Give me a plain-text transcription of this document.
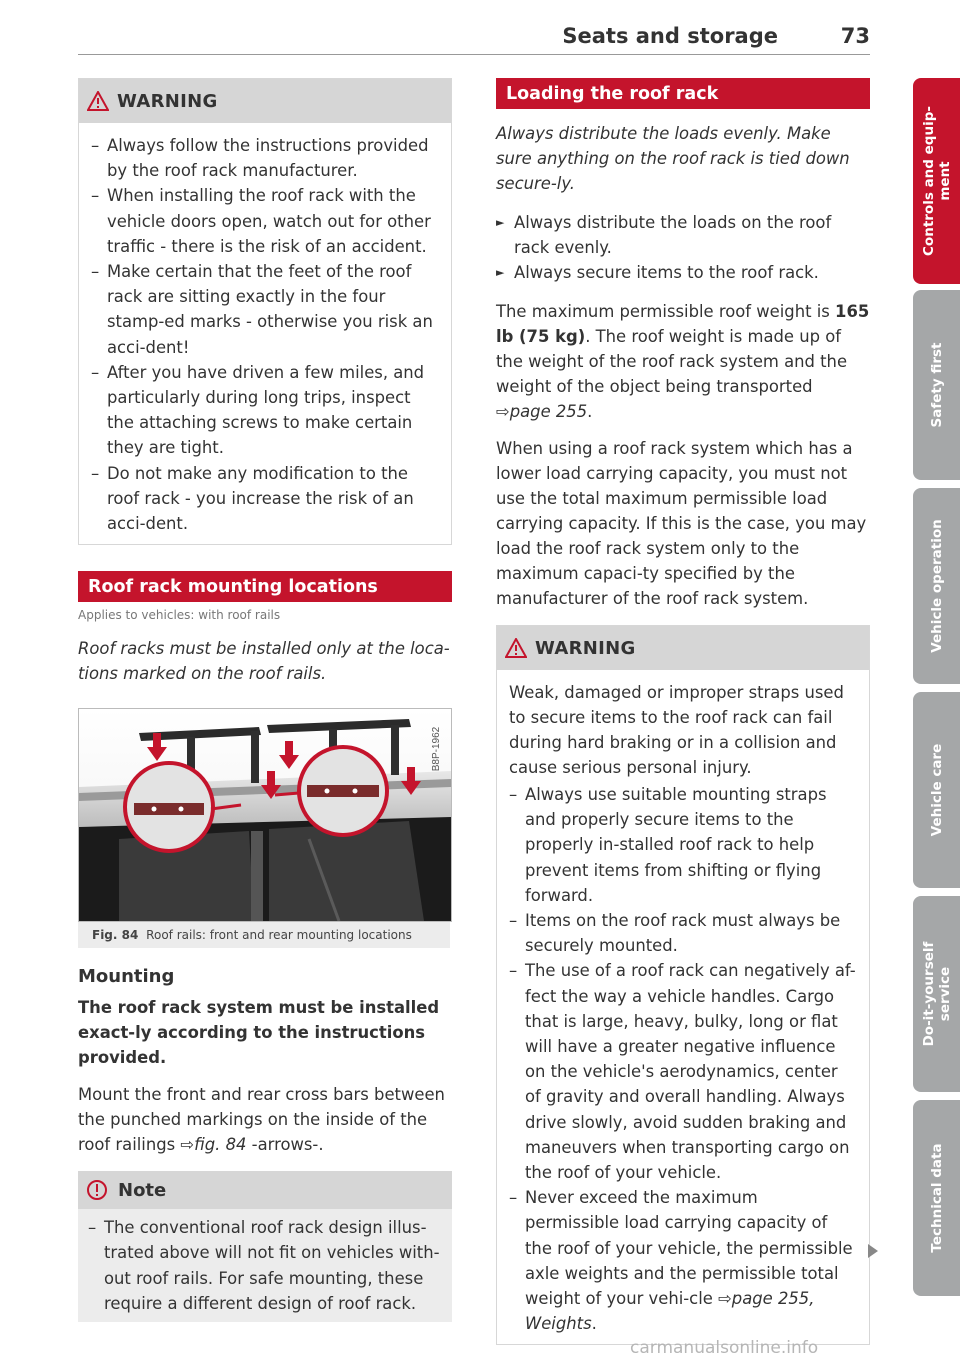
Seats and storage	73
WARNING
– Always follow the instructions provided by the roof rack manufacturer.
– When installing the roof rack with the vehicle doors open, watch out for other traffic - there is the risk of an accident.
– Make certain that the feet of the roof rack are sitting exactly in the four stamp-ed marks - otherwise you risk an acci-dent!
– After you have driven a few miles, and particularly during long trips, inspect the attaching screws to make certain they are tight.
– Do not make any modification to the roof rack - you increase the risk of an acci-dent.
Roof rack mounting locations
Applies to vehicles: with roof rails

Roof racks must be installed only at the loca-tions marked on the roof rails.

B8P-1962
Fig. 84 Roof rails: front and rear mounting locations
Mounting

The roof rack system must be installed exact-ly according to the instructions provided.

Mount the front and rear cross bars between the punched markings on the inside of the roof railings ⇨fig. 84 -arrows-.

Note
– The conventional roof rack design illus-trated above will not fit on vehicles with-out roof rails. For safe mounting, these require a different design of roof rack.
Loading the roof rack

Always distribute the loads evenly. Make sure anything on the roof rack is tied down secure-ly.

► Always distribute the loads on the roof rack evenly.
► Always secure items to the roof rack.

The maximum permissible roof weight is 165 lb (75 kg). The roof weight is made up of the weight of the roof rack system and the weight of the object being transported ⇨page 255.

When using a roof rack system which has a lower load carrying capacity, you must not use the total maximum permissible load carrying capacity. If this is the case, you may load the roof rack system only to the maximum capaci-ty specified by the manufacturer of the roof rack system.

WARNING

Weak, damaged or improper straps used to secure items to the roof rack can fail during hard braking or in a collision and cause serious personal injury.

– Always use suitable mounting straps and properly secure items to the properly in-stalled roof rack to help prevent items from shifting or flying forward.
– Items on the roof rack must always be securely mounted.
– The use of a roof rack can negatively af-fect the way a vehicle handles. Cargo that is large, heavy, bulky, long or flat will have a greater negative influence on the vehicle's aerodynamics, center of gravity and overall handling. Always drive slowly, avoid sudden braking and maneuvers when transporting cargo on the roof of your vehicle.
– Never exceed the maximum permissible load carrying capacity of the roof of your vehicle, the permissible axle weights and the permissible total weight of your vehi-cle ⇨page 255, Weights.
Controls and equip-
ment
Safety first
Vehicle operation
Vehicle care
Do-it-yourself
service
Technical data
carmanualsonline.info
